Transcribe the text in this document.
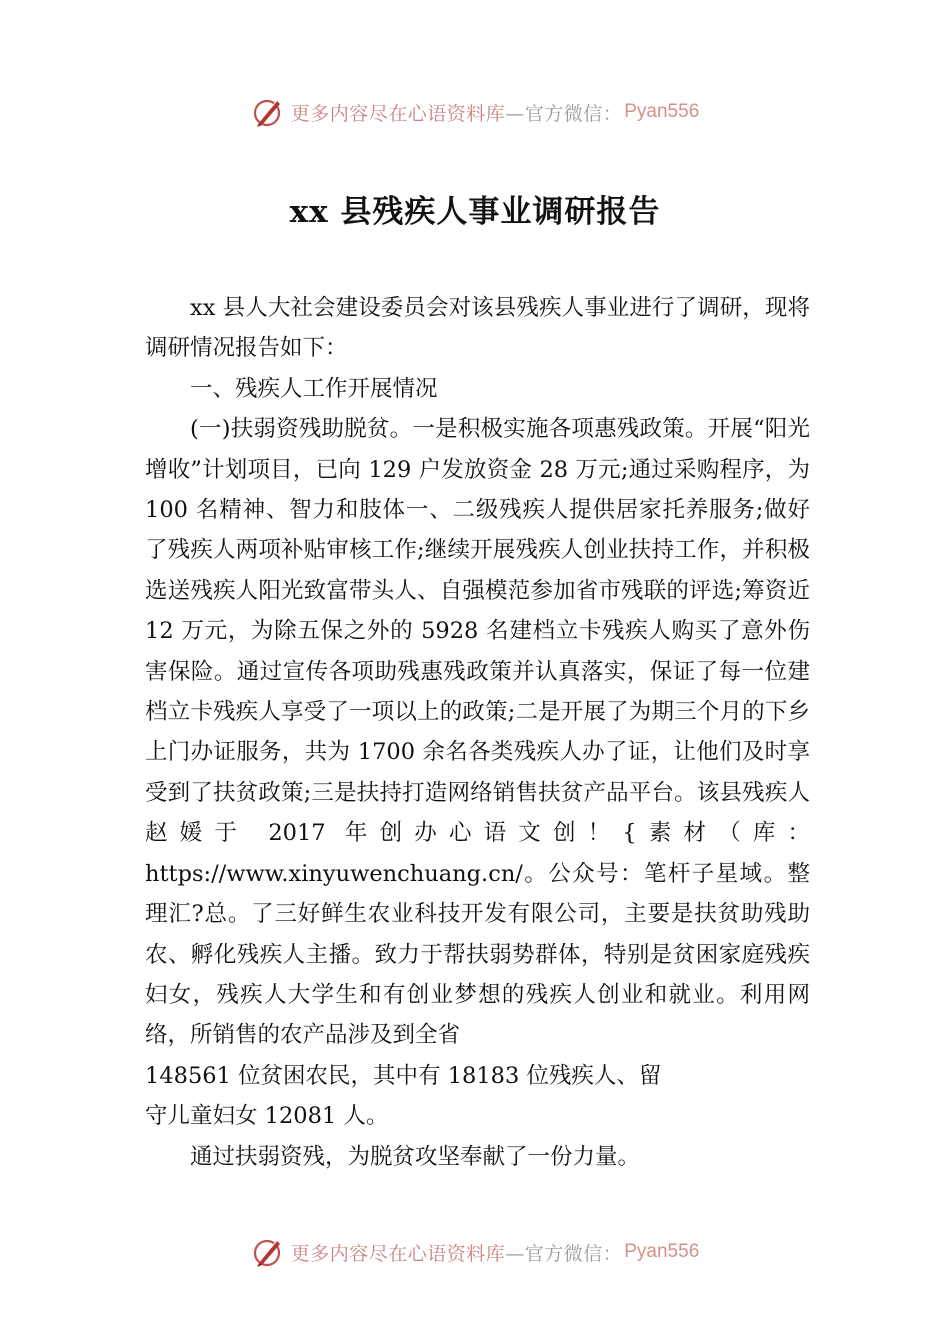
更多内容尽在心语资料库 —官方微信： Pyan556
xx 县残疾人事业调研报告

xx 县人大社会建设委员会对该县残疾人事业进行了调研，现将调研情况报告如下：

一、残疾人工作开展情况

(一)扶弱资残助脱贫。一是积极实施各项惠残政策。开展“阳光增收”计划项目，已向 129 户发放资金 28 万元;通过采购程序，为 100 名精神、智力和肢体一、二级残疾人提供居家托养服务;做好了残疾人两项补贴审核工作;继续开展残疾人创业扶持工作，并积极选送残疾人阳光致富带头人、自强模范参加省市残联的评选;筹资近 12 万元，为除五保之外的 5928 名建档立卡残疾人购买了意外伤害保险。通过宣传各项助残惠残政策并认真落实，保证了每一位建档立卡残疾人享受了一项以上的政策;二是开展了为期三个月的下乡上门办证服务，共为 1700 余名各类残疾人办了证，让他们及时享受到了扶贫政策;三是扶持打造网络销售扶贫产品平台。该县残疾人赵媛于 2017 年创办心语文创！{素材（库：https://www.xinyuwenchuang.cn/。公众号：笔杆子星域。整理汇?总。了三好鲜生农业科技开发有限公司，主要是扶贫助残助农、孵化残疾人主播。致力于帮扶弱势群体，特别是贫困家庭残疾妇女，残疾人大学生和有创业梦想的残疾人创业和就业。利用网络，所销售的农产品涉及到全省

148561 位贫困农民，其中有 18183 位残疾人、留

守儿童妇女 12081 人。

通过扶弱资残，为脱贫攻坚奉献了一份力量。

更多内容尽在心语资料库 —官方微信： Pyan556
